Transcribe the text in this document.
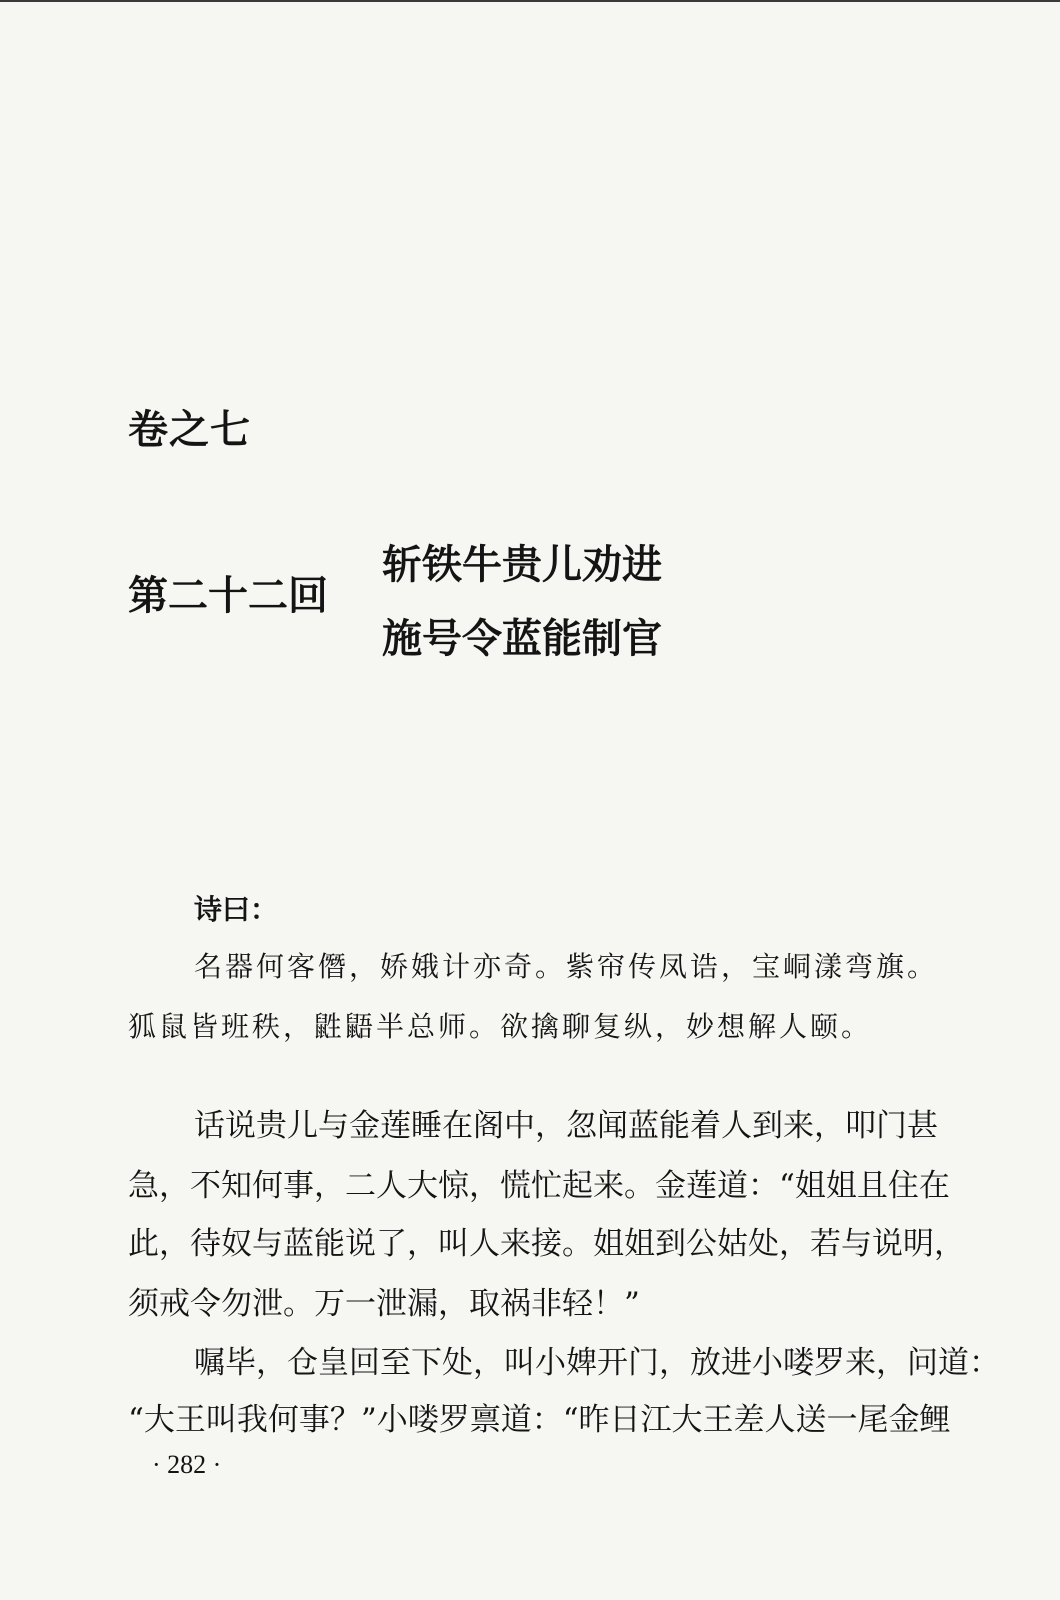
卷之七
第二十二回
斩铁牛贵儿劝进
施号令蓝能制官
诗曰：
名器何客僭，娇娥计亦奇。紫帘传凤诰，宝峒漾弯旗。
狐鼠皆班秩，鼪鼯半总师。欲擒聊复纵，妙想解人颐。
话说贵儿与金莲睡在阁中，忽闻蓝能着人到来，叩门甚
急，不知何事，二人大惊，慌忙起来。金莲道：“姐姐且住在
此，待奴与蓝能说了，叫人来接。姐姐到公姑处，若与说明，
须戒令勿泄。万一泄漏，取祸非轻！”
嘱毕，仓皇回至下处，叫小婢开门，放进小喽罗来，问道：
“大王叫我何事？”小喽罗禀道：“昨日江大王差人送一尾金鲤
· 282 ·
